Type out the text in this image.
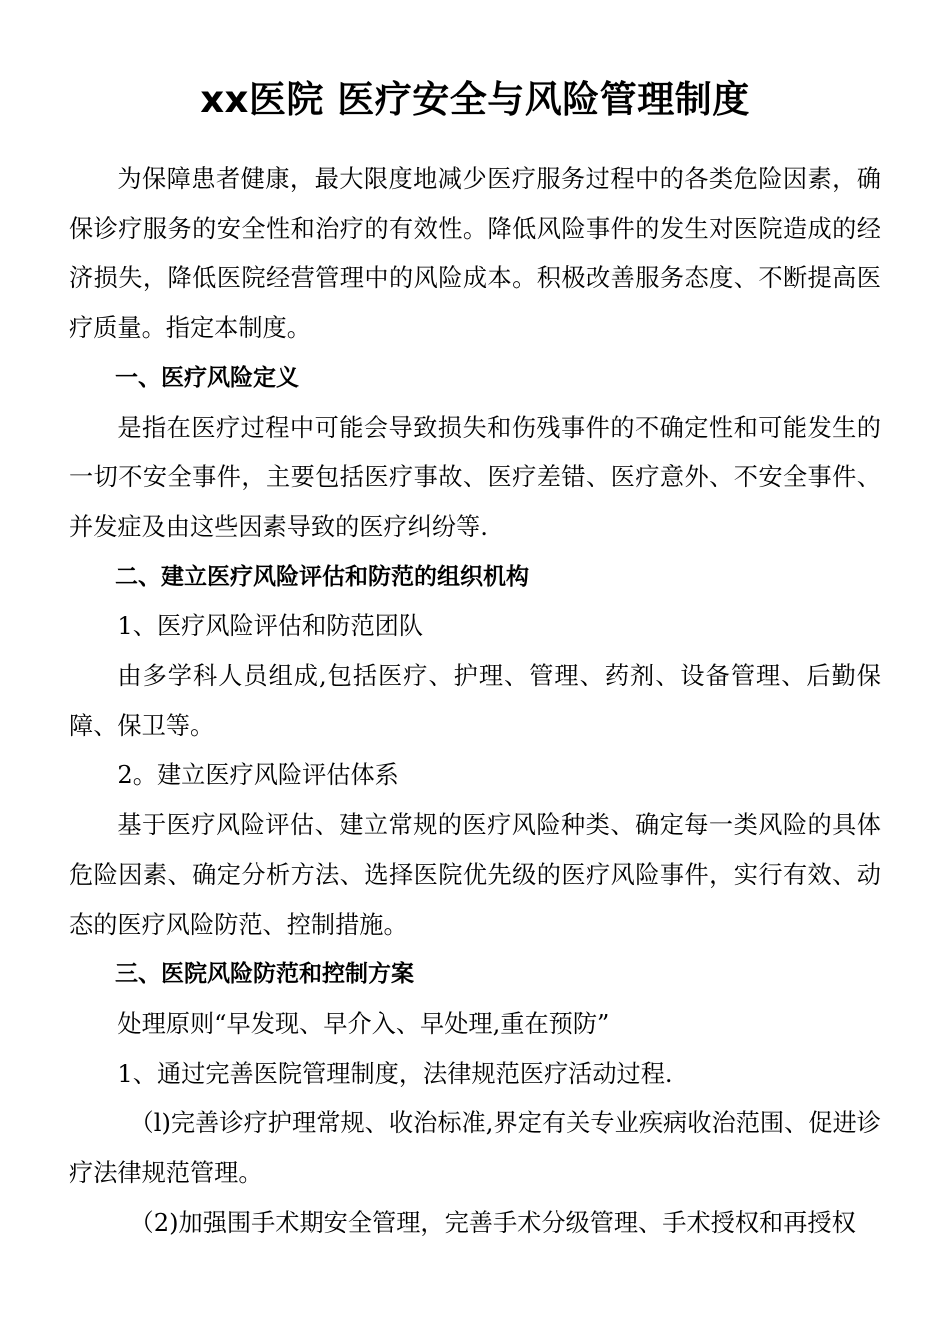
xx医院 医疗安全与风险管理制度

为保障患者健康，最大限度地减少医疗服务过程中的各类危险因素，确保诊疗服务的安全性和治疗的有效性。降低风险事件的发生对医院造成的经济损失，降低医院经营管理中的风险成本。积极改善服务态度、不断提高医疗质量。指定本制度。

一、医疗风险定义

是指在医疗过程中可能会导致损失和伤残事件的不确定性和可能发生的一切不安全事件，主要包括医疗事故、医疗差错、医疗意外、不安全事件、并发症及由这些因素导致的医疗纠纷等.

二、建立医疗风险评估和防范的组织机构

1、医疗风险评估和防范团队

由多学科人员组成,包括医疗、护理、管理、药剂、设备管理、后勤保障、保卫等。

2。建立医疗风险评估体系

基于医疗风险评估、建立常规的医疗风险种类、确定每一类风险的具体危险因素、确定分析方法、选择医院优先级的医疗风险事件，实行有效、动态的医疗风险防范、控制措施。

三、医院风险防范和控制方案

处理原则“早发现、早介入、早处理,重在预防”

1、通过完善医院管理制度，法律规范医疗活动过程.

（l)完善诊疗护理常规、收治标准,界定有关专业疾病收治范围、促进诊疗法律规范管理。

（2)加强围手术期安全管理，完善手术分级管理、手术授权和再授权
